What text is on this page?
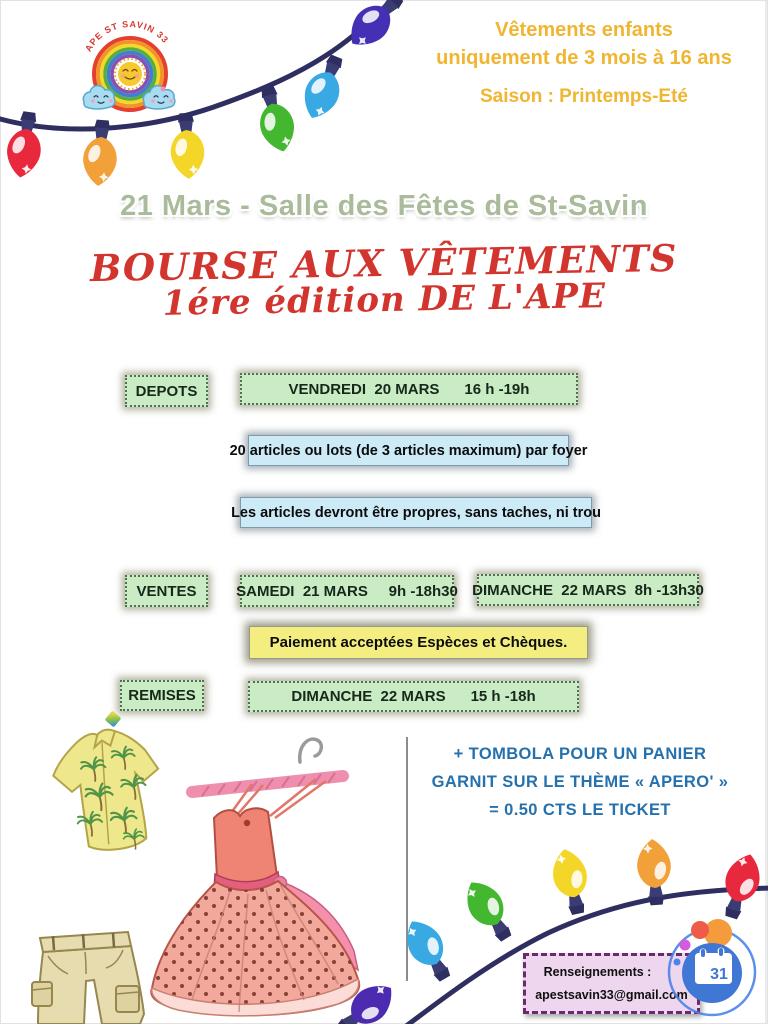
APE ST SAVIN 33	Vêtements enfants
uniquement de 3 mois à 16 ans
Saison : Printemps-Eté
21 Mars - Salle des Fêtes de St-Savin
BOURSE AUX VÊTEMENTS
1ére édition DE L'APE
DEPOTS	VENDREDI  20 MARS      16 h -19h
20 articles ou lots (de 3 articles maximum) par foyer
Les articles devront être propres, sans taches, ni trou
VENTES	SAMEDI  21 MARS     9h -18h30 DIMANCHE  22 MARS  8h -13h30
Paiement acceptées Espèces et Chèques.
REMISES	DIMANCHE  22 MARS      15 h -18h
+ TOMBOLA POUR UN PANIER
GARNIT SUR LE THÈME « APERO' »
= 0.50 CTS LE TICKET
Renseignements :
apestsavin33@gmail.com
31
